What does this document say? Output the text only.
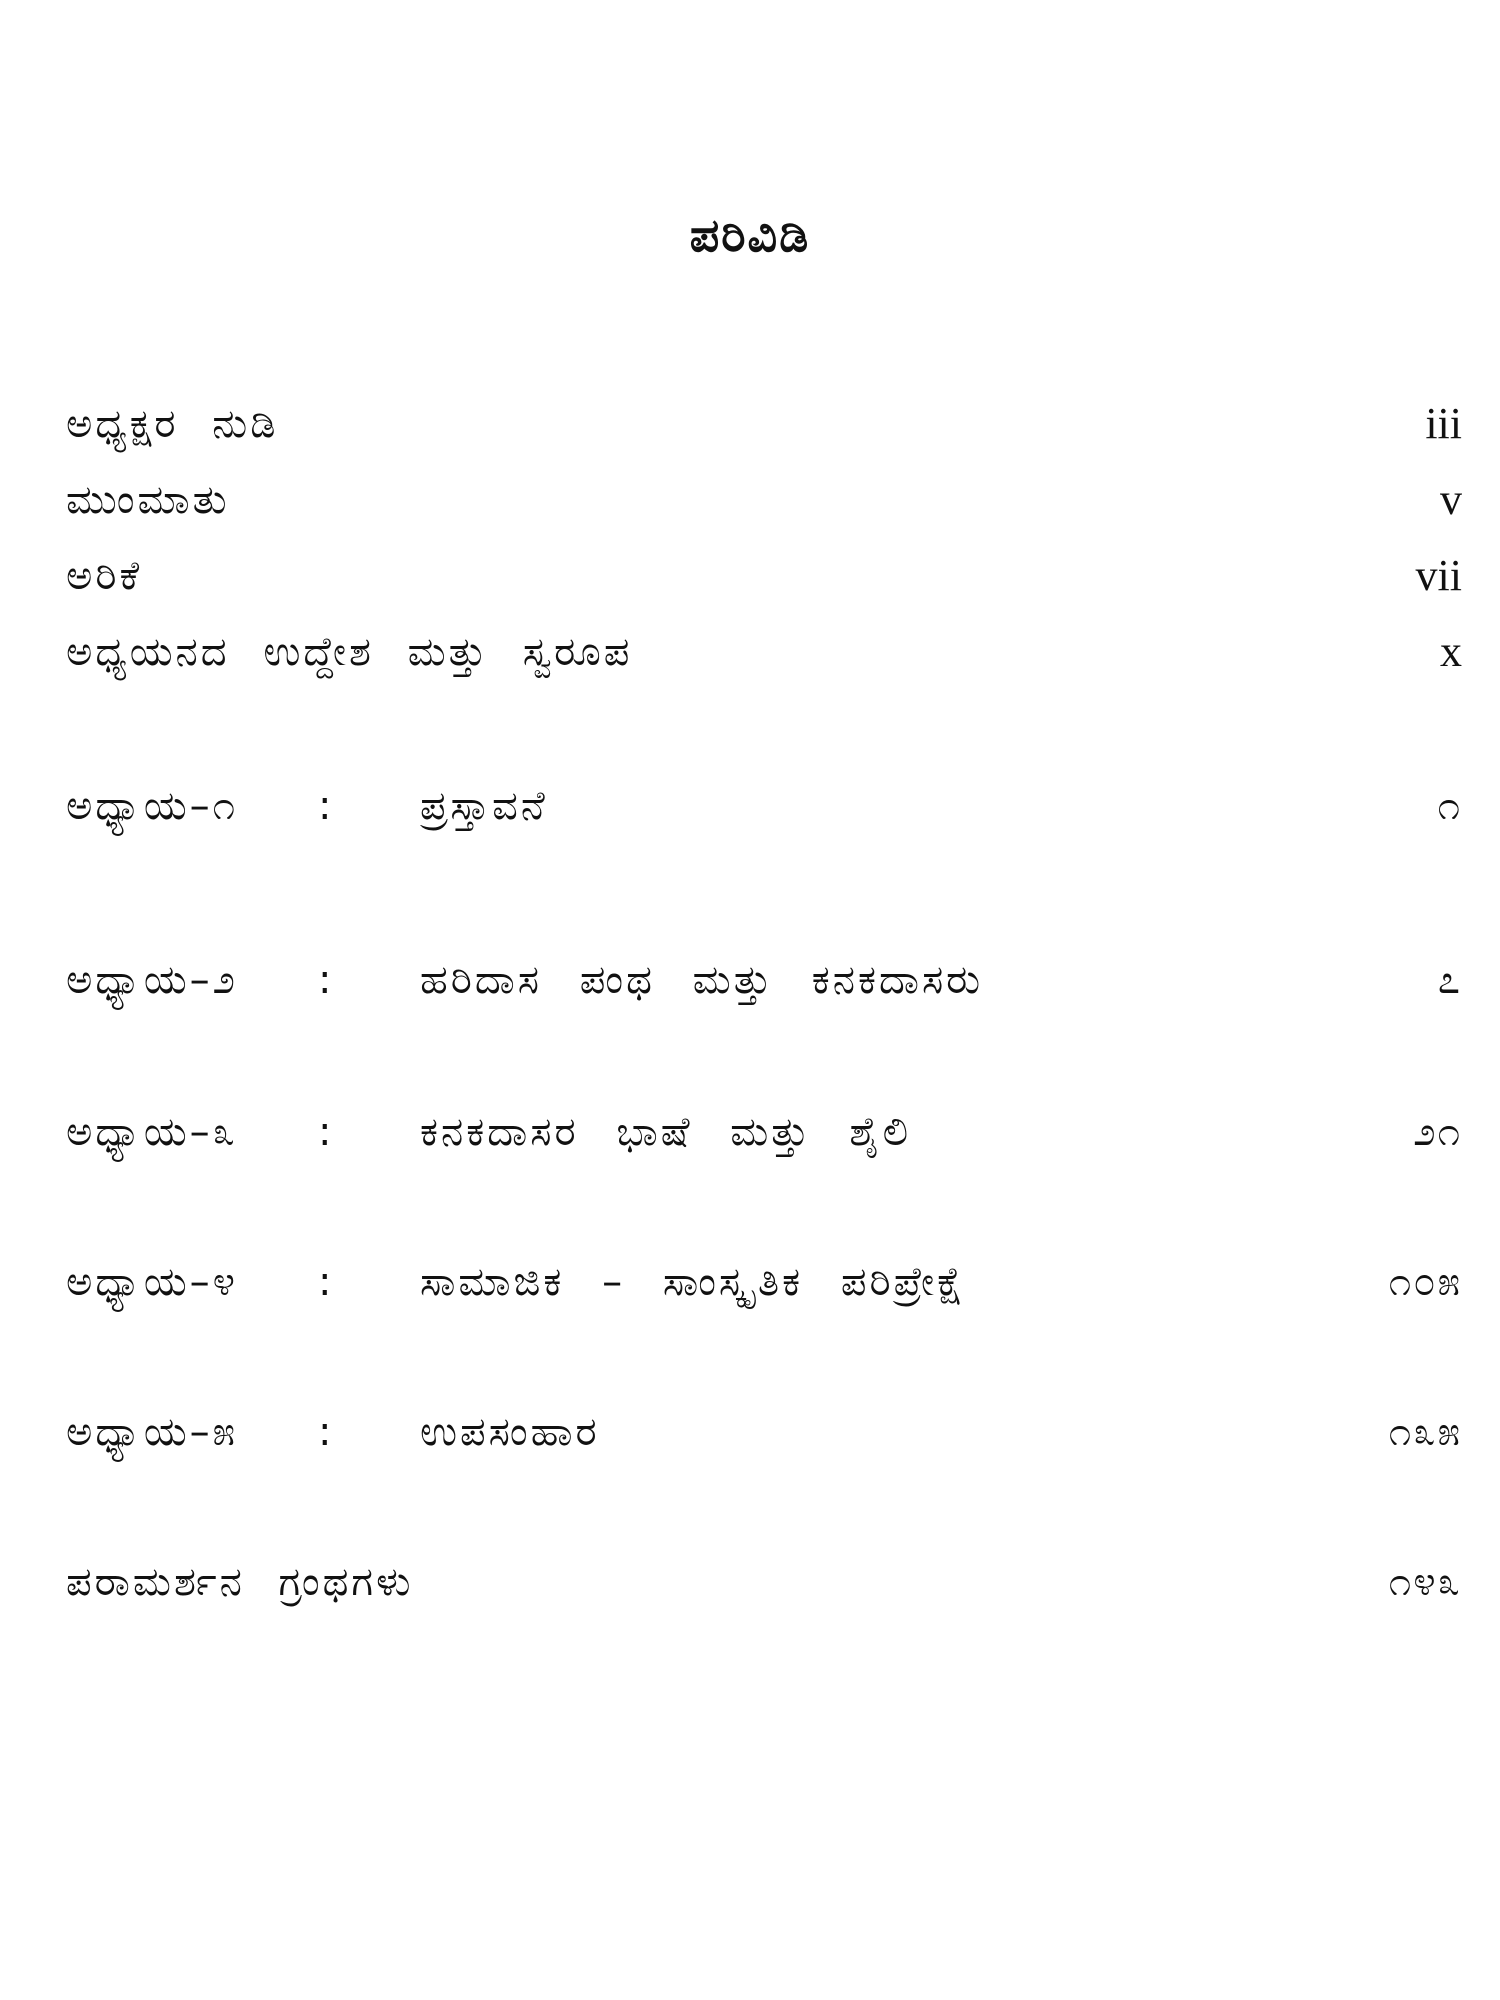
ಪರಿವಿಡಿ
ಅಧ್ಯಕ್ಷರ ನುಡಿ	iii
ಮುಂಮಾತು	v
ಅರಿಕೆ	vii
ಅಧ್ಯಯನದ ಉದ್ದೇಶ ಮತ್ತು ಸ್ವರೂಪ	x
ಅಧ್ಯಾಯ–೧ : ಪ್ರಸ್ತಾವನೆ	೧
ಅಧ್ಯಾಯ–೨ : ಹರಿದಾಸ ಪಂಥ ಮತ್ತು ಕನಕದಾಸರು	೭
ಅಧ್ಯಾಯ–೩ : ಕನಕದಾಸರ ಭಾಷೆ ಮತ್ತು ಶೈಲಿ	೨೧
ಅಧ್ಯಾಯ–೪ : ಸಾಮಾಜಿಕ – ಸಾಂಸ್ಕೃತಿಕ ಪರಿಪ್ರೇಕ್ಷೆ	೧೦೫
ಅಧ್ಯಾಯ–೫ : ಉಪಸಂಹಾರ	೧೩೫
ಪರಾಮರ್ಶನ ಗ್ರಂಥಗಳು	೧೪೩
